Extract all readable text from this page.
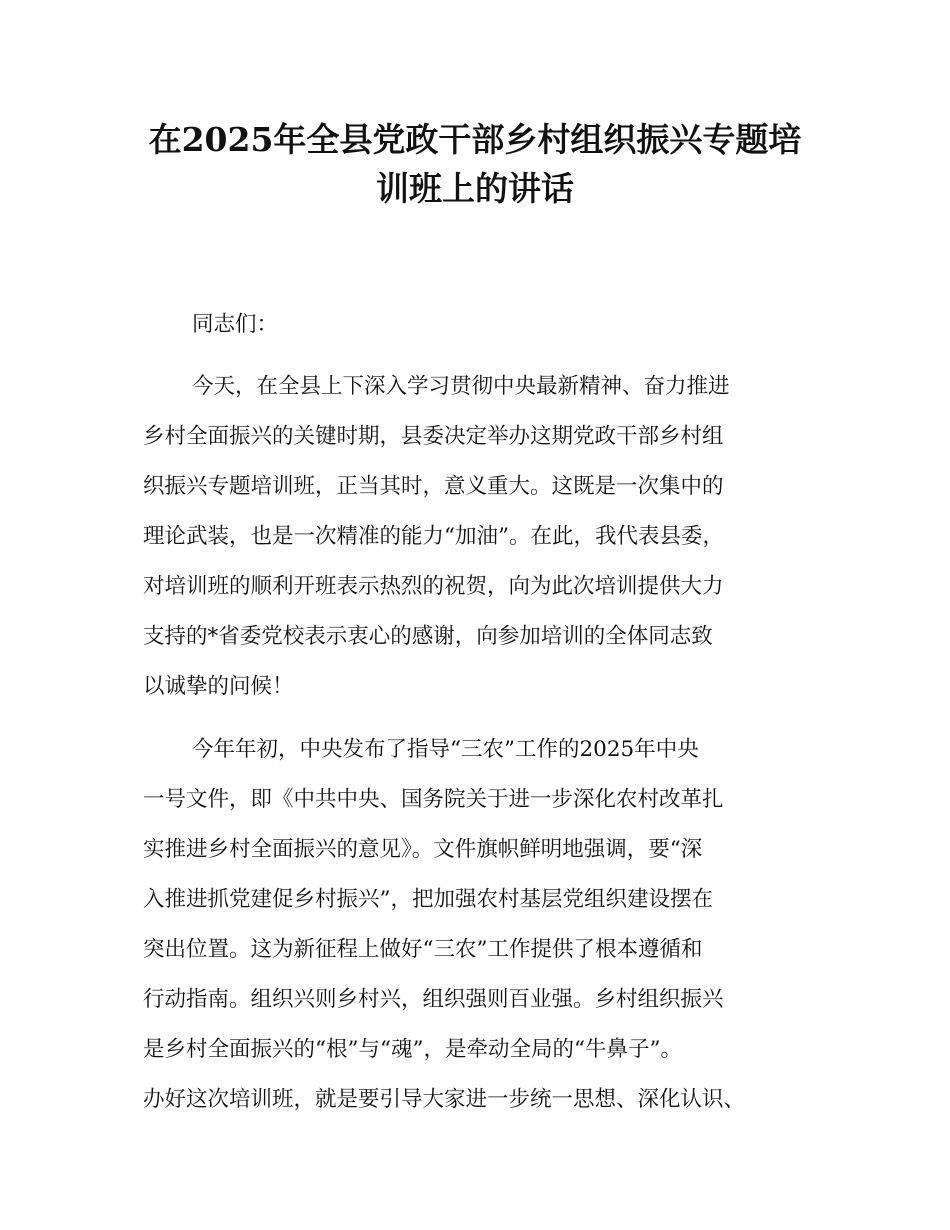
在2025年全县党政干部乡村组织振兴专题培
训班上的讲话

同志们：

今天，在全县上下深入学习贯彻中央最新精神、奋力推进

乡村全面振兴的关键时期，县委决定举办这期党政干部乡村组

织振兴专题培训班，正当其时，意义重大。这既是一次集中的

理论武装，也是一次精准的能力“加油”。在此，我代表县委，

对培训班的顺利开班表示热烈的祝贺，向为此次培训提供大力

支持的*省委党校表示衷心的感谢，向参加培训的全体同志致

以诚挚的问候！

今年年初，中央发布了指导“三农”工作的2025年中央

一号文件，即《中共中央、国务院关于进一步深化农村改革扎

实推进乡村全面振兴的意见》。文件旗帜鲜明地强调，要“深

入推进抓党建促乡村振兴”，把加强农村基层党组织建设摆在

突出位置。这为新征程上做好“三农”工作提供了根本遵循和

行动指南。组织兴则乡村兴，组织强则百业强。乡村组织振兴

是乡村全面振兴的“根”与“魂”，是牵动全局的“牛鼻子”。

办好这次培训班，就是要引导大家进一步统一思想、深化认识、
